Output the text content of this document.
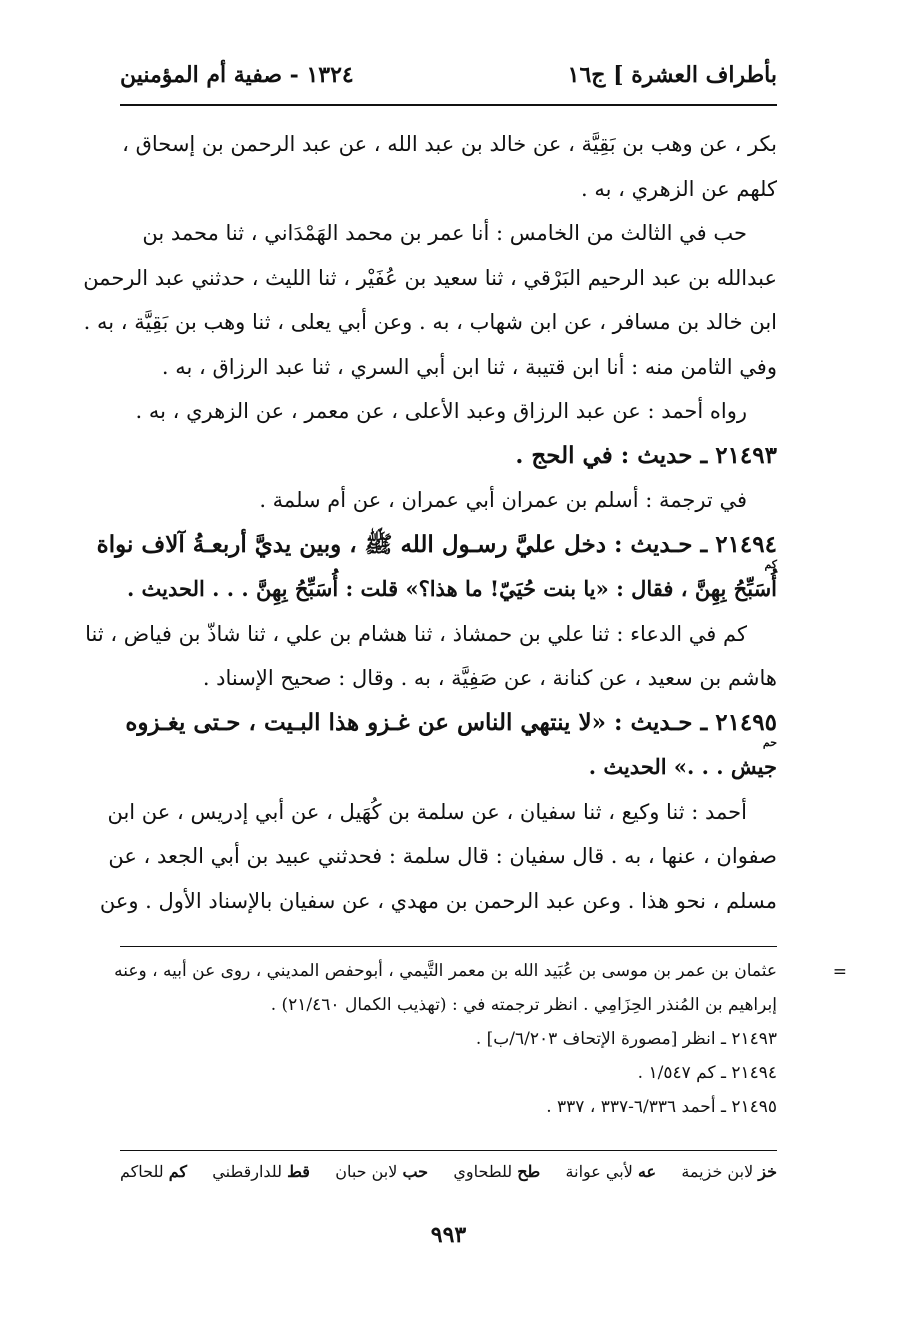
بأطراف العشرة ] ج١٦
١٣٢٤ - صفية أم المؤمنين
بكر ، عن وهب بن بَقِيَّة ، عن خالد بن عبد الله ، عن عبد الرحمن بن إسحاق ،
كلهم عن الزهري ، به .
حب في الثالث من الخامس : أنا عمر بن محمد الهَمْدَاني ، ثنا محمد بن
عبدالله بن عبد الرحيم البَرْقي ، ثنا سعيد بن عُفَيْر ، ثنا الليث ، حدثني عبد الرحمن
ابن خالد بن مسافر ، عن ابن شهاب ، به . وعن أبي يعلى ، ثنا وهب بن بَقِيَّة ، به .
وفي الثامن منه : أنا ابن قتيبة ، ثنا ابن أبي السري ، ثنا عبد الرزاق ، به .
رواه أحمد : عن عبد الرزاق وعبد الأعلى ، عن معمر ، عن الزهري ، به .
٢١٤٩٣ ـ حديث : في الحج .
في ترجمة : أسلم بن عمران أبي عمران ، عن أم سلمة .
٢١٤٩٤ ـ حـديث : دخل عليَّ رسـول الله ﷺ ، وبين يديَّ أربعـةُ آلاف نواة
كم
أُسَبِّحُ بِهِنَّ ، فقال : «يا بنت حُيَيّ! ما هذا؟» قلت : أُسَبِّحُ بِهِنَّ . . . الحديث .
كم في الدعاء : ثنا علي بن حمشاذ ، ثنا هشام بن علي ، ثنا شاذّ بن فياض ، ثنا
هاشم بن سعيد ، عن كنانة ، عن صَفِيَّة ، به . وقال : صحيح الإسناد .
٢١٤٩٥ ـ حـديث : «لا ينتهي الناس عن غـزو هذا البـيت ، حـتى يغـزوه
حم
جيش . . .» الحديث .
أحمد : ثنا وكيع ، ثنا سفيان ، عن سلمة بن كُهَيل ، عن أبي إدريس ، عن ابن
صفوان ، عنها ، به . قال سفيان : قال سلمة : فحدثني عبيد بن أبي الجعد ، عن
مسلم ، نحو هذا . وعن عبد الرحمن بن مهدي ، عن سفيان بالإسناد الأول . وعن
=
عثمان بن عمر بن موسى بن عُبَيد الله بن معمر التَّيمي ، أبوحفص المديني ، روى عن أبيه ، وعنه
إبراهيم بن المُنذر الحِزَامِي . انظر ترجمته في : (تهذيب الكمال ٢١/٤٦٠) .
٢١٤٩٣ ـ انظر [مصورة الإتحاف ٦/٢٠٣/ب] .
٢١٤٩٤ ـ كم ١/٥٤٧ .
٢١٤٩٥ ـ أحمد ٦/٣٣٦-٣٣٧ ، ٣٣٧ .
خز لابن خزيمة
عه لأبي عوانة
طح للطحاوي
حب لابن حبان
قط للدارقطني
كم للحاكم
٩٩٣
